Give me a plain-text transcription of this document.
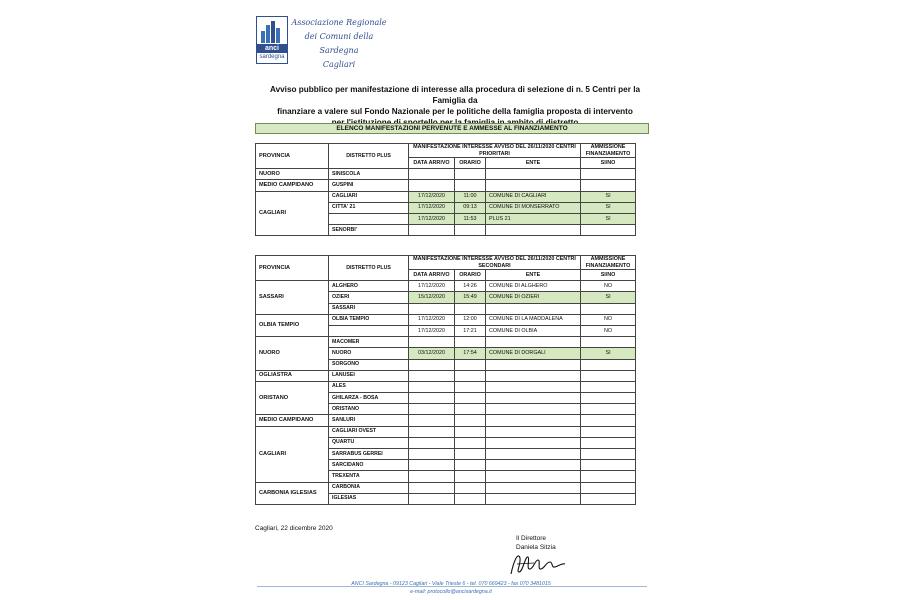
anci
sardegna
Associazione Regionale
dei Comuni della Sardegna
Cagliari
Avviso pubblico per manifestazione di interesse alla procedura di selezione di n. 5 Centri per la Famiglia da
finanziare a valere sul Fondo Nazionale per le politiche della famiglia proposta di intervento
ELENCO MANIFESTAZIONI PERVENUTE E AMMESSE AL FINANZIAMENTO
PROVINCIA	DISTRETTO PLUS	MANIFESTAZIONE INTERESSE AVVISO DEL 26/11/2020 CENTRI PRIORITARI			AMMISSIONE FINANZIAMENTO
		DATA ARRIVO	ORARIO	ENTE	SI/NO
NUORO	SINISCOLA				
MEDIO CAMPIDANO	GUSPINI				
CAGLIARI	CAGLIARI	17/12/2020	11:00	COMUNE DI CAGLIARI	SI
	CITTA' 21	17/12/2020	09:13	COMUNE DI MONSERRATO	SI
		17/12/2020	11:53	PLUS 21	SI
	SENORBI'				
PROVINCIA	DISTRETTO PLUS	MANIFESTAZIONE INTERESSE AVVISO DEL 26/11/2020 CENTRI SECONDARI			AMMISSIONE FINANZIAMENTO
		DATA ARRIVO	ORARIO	ENTE	SI/NO
SASSARI	ALGHERO	17/12/2020	14:26	COMUNE DI ALGHERO	NO
	OZIERI	15/12/2020	15:49	COMUNE DI OZIERI	SI
	SASSARI				
OLBIA TEMPIO	OLBIA TEMPIO	17/12/2020	12:00	COMUNE DI LA MADDALENA	NO
		17/12/2020	17:21	COMUNE DI OLBIA	NO
NUORO	MACOMER				
	NUORO	03/12/2020	17:54	COMUNE DI DORGALI	SI
	SORGONO				
OGLIASTRA	LANUSEI				
ORISTANO	ALES				
	GHILARZA - BOSA				
	ORISTANO				
MEDIO CAMPIDANO	SANLURI				
CAGLIARI	CAGLIARI OVEST				
	QUARTU				
	SARRABUS GERREI				
	SARCIDANO				
	TREXENTA				
CARBONIA IGLESIAS	CARBONIA				
	IGLESIAS				
Cagliari, 22 dicembre 2020
Il Direttore
Daniela Sitzia
ANCI Sardegna - 09123 Cagliari - Viale Trieste 6 - tel. 070 669423 - fax 070 3481015
e-mail: protocollo@ancisardegna.it
